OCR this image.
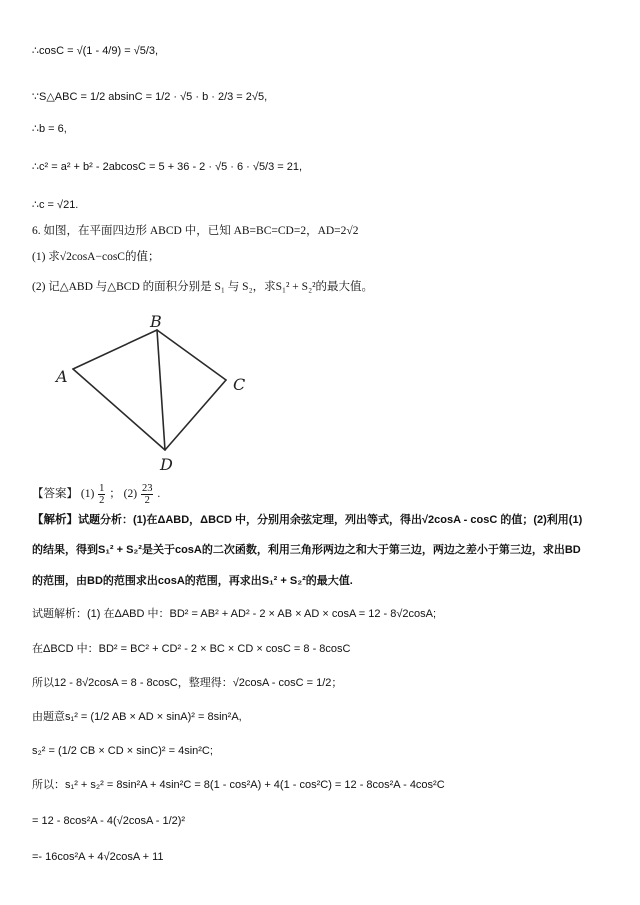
∴cosC = √(1 - 4/9) = √5/3,
∵S△ABC = 1/2 absinC = 1/2 · √5 · b · 2/3 = 2√5,
∴b = 6,
∴c² = a² + b² - 2abcosC = 5 + 36 - 2 · √5 · 6 · √5/3 = 21,
∴c = √21.
6. 如图，在平面四边形 ABCD 中，已知 AB=BC=CD=2，AD=2√2
(1) 求√2cosA−cosC的值；
(2) 记△ABD 与△BCD 的面积分别是 S₁ 与 S₂，求S₁² + S₂²的最大值。
A
B
C
D
【答案】 $(1) \frac{1}{2}$ ； $(2) \frac{23}{2}$ .
【解析】试题分析：(1)在ΔABD，ΔBCD 中，分别用余弦定理，列出等式，得出√2cosA - cosC 的值；(2)利用(1)
的结果，得到S₁² + S₂²是关于cosA的二次函数，利用三角形两边之和大于第三边，两边之差小于第三边，求出BD
的范围，由BD的范围求出cosA的范围，再求出S₁² + S₂²的最大值.
试题解析：(1) 在ΔABD 中：BD² = AB² + AD² - 2 × AB × AD × cosA = 12 - 8√2cosA;
在ΔBCD 中：BD² = BC² + CD² - 2 × BC × CD × cosC = 8 - 8cosC
所以12 - 8√2cosA = 8 - 8cosC，整理得：√2cosA - cosC = 1/2；
由题意s₁² = (1/2 AB × AD × sinA)² = 8sin²A,
s₂² = (1/2 CB × CD × sinC)² = 4sin²C;
所以：s₁² + s₂² = 8sin²A + 4sin²C = 8(1 - cos²A) + 4(1 - cos²C) = 12 - 8cos²A - 4cos²C
= 12 - 8cos²A - 4(√2cosA - 1/2)²
=- 16cos²A + 4√2cosA + 11
